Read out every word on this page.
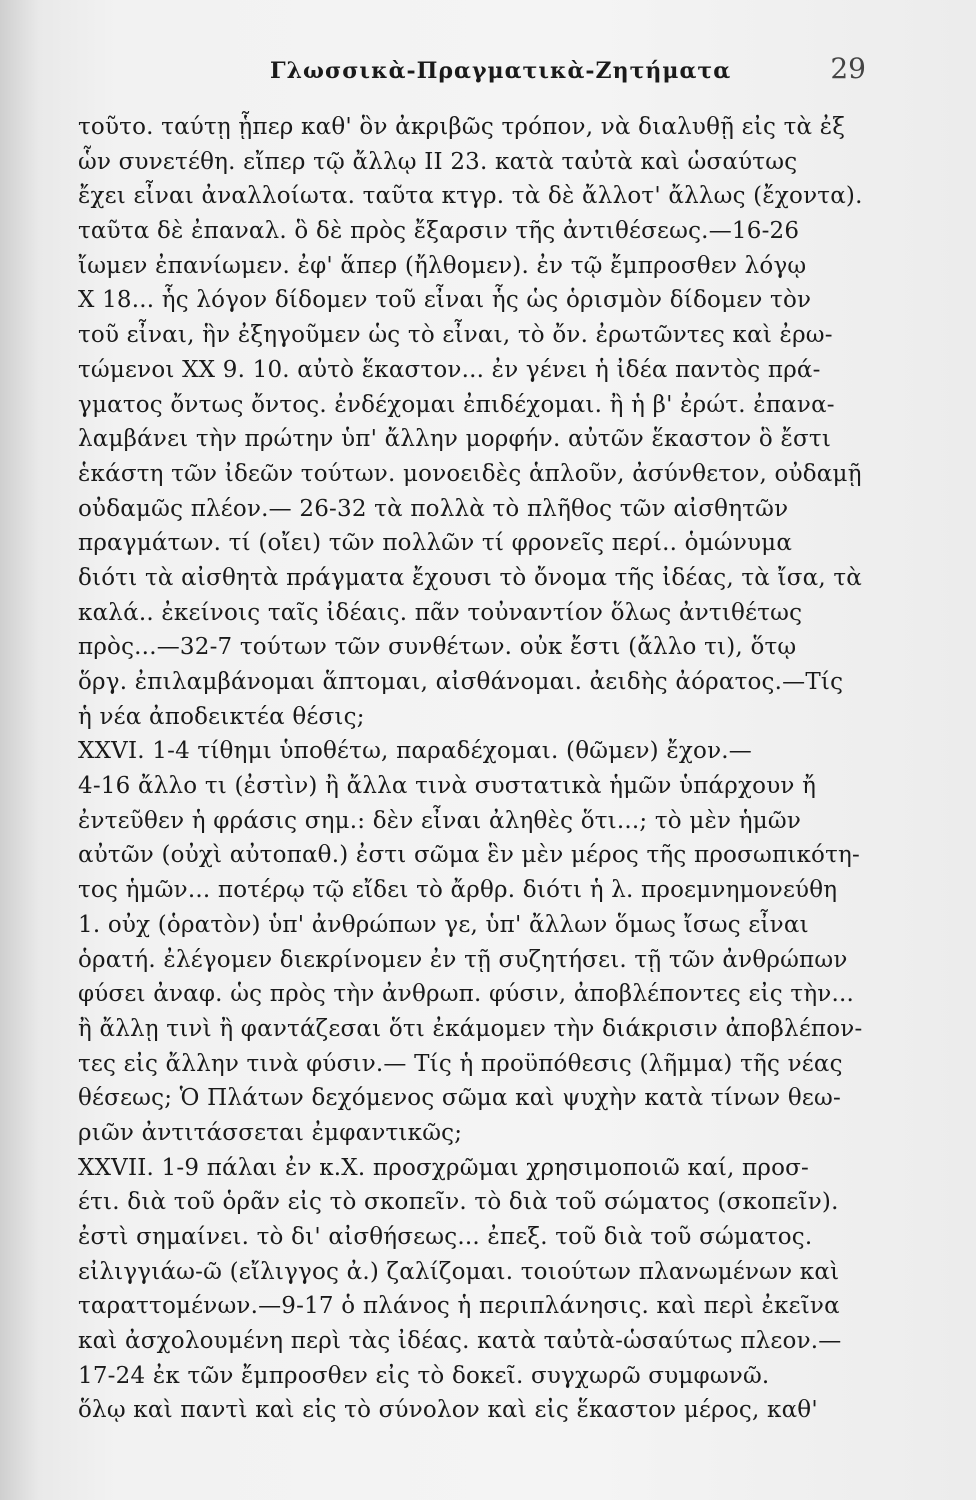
Γλωσσικὰ-Πραγματικὰ-Ζητήματα	29
τοῦτο. ταύτῃ ᾗπερ καθ' ὃν ἀκριβῶς τρόπον, νὰ διαλυθῇ εἰς τὰ ἐξ
ὧν συνετέθη. εἴπερ τῷ ἄλλῳ II 23. κατὰ ταὐτὰ καὶ ὡσαύτως
ἔχει εἶναι ἀναλλοίωτα. ταῦτα κτγρ. τὰ δὲ ἄλλοτ' ἄλλως (ἔχοντα).
ταῦτα δὲ ἐπαναλ. ὃ δὲ πρὸς ἔξαρσιν τῆς ἀντιθέσεως.—16-26
ἴωμεν ἐπανίωμεν. ἐφ' ἅπερ (ἤλθομεν). ἐν τῷ ἔμπροσθεν λόγῳ
X 18... ἧς λόγον δίδομεν τοῦ εἶναι ἧς ὡς ὁρισμὸν δίδομεν τὸν
τοῦ εἶναι, ἣν ἐξηγοῦμεν ὡς τὸ εἶναι, τὸ ὄν. ἐρωτῶντες καὶ ἐρω-
τώμενοι XX 9. 10. αὐτὸ ἕκαστον... ἐν γένει ἡ ἰδέα παντὸς πρά-
γματος ὄντως ὄντος. ἐνδέχομαι ἐπιδέχομαι. ἢ ἡ β' ἐρώτ. ἐπανα-
λαμβάνει τὴν πρώτην ὑπ' ἄλλην μορφήν. αὐτῶν ἕκαστον ὃ ἔστι
ἑκάστη τῶν ἰδεῶν τούτων. μονοειδὲς ἁπλοῦν, ἀσύνθετον, οὐδαμῇ
οὐδαμῶς πλέον.— 26-32 τὰ πολλὰ τὸ πλῆθος τῶν αἰσθητῶν
πραγμάτων. τί (οἴει) τῶν πολλῶν τί φρονεῖς περί.. ὁμώνυμα
διότι τὰ αἰσθητὰ πράγματα ἔχουσι τὸ ὄνομα τῆς ἰδέας, τὰ ἴσα, τὰ
καλά.. ἐκείνοις ταῖς ἰδέαις. πᾶν τοὐναντίον ὅλως ἀντιθέτως
πρὸς...—32-7 τούτων τῶν συνθέτων. οὐκ ἔστι (ἄλλο τι), ὅτῳ
ὅργ. ἐπιλαμβάνομαι ἅπτομαι, αἰσθάνομαι. ἀειδὴς ἀόρατος.—Τίς
ἡ νέα ἀποδεικτέα θέσις;
XXVI. 1-4 τίθημι ὑποθέτω, παραδέχομαι. (θῶμεν) ἔχον.—
4-16 ἄλλο τι (ἐστὶν) ἢ ἄλλα τινὰ συστατικὰ ἡμῶν ὑπάρχουν ἤ
ἐντεῦθεν ἡ φράσις σημ.: δὲν εἶναι ἀληθὲς ὅτι...; τὸ μὲν ἡμῶν
αὐτῶν (οὐχὶ αὐτοπαθ.) ἐστι σῶμα ἓν μὲν μέρος τῆς προσωπικότη-
τος ἡμῶν... ποτέρῳ τῷ εἴδει τὸ ἄρθρ. διότι ἡ λ. προεμνημονεύθη
1. οὐχ (ὁρατὸν) ὑπ' ἀνθρώπων γε, ὑπ' ἄλλων ὅμως ἴσως εἶναι
ὁρατή. ἐλέγομεν διεκρίνομεν ἐν τῇ συζητήσει. τῇ τῶν ἀνθρώπων
φύσει ἀναφ. ὡς πρὸς τὴν ἀνθρωπ. φύσιν, ἀποβλέποντες εἰς τὴν...
ἢ ἄλλῃ τινὶ ἢ φαντάζεσαι ὅτι ἐκάμομεν τὴν διάκρισιν ἀποβλέπον-
τες εἰς ἄλλην τινὰ φύσιν.— Τίς ἡ προϋπόθεσις (λῆμμα) τῆς νέας
θέσεως; Ὁ Πλάτων δεχόμενος σῶμα καὶ ψυχὴν κατὰ τίνων θεω-
ριῶν ἀντιτάσσεται ἐμφαντικῶς;
XXVII. 1-9 πάλαι ἐν κ.Χ. προσχρῶμαι χρησιμοποιῶ καί, προσ-
έτι. διὰ τοῦ ὁρᾶν εἰς τὸ σκοπεῖν. τὸ διὰ τοῦ σώματος (σκοπεῖν).
ἐστὶ σημαίνει. τὸ δι' αἰσθήσεως... ἐπεξ. τοῦ διὰ τοῦ σώματος.
εἰλιγγιάω-ῶ (εἴλιγγος ἀ.) ζαλίζομαι. τοιούτων πλανωμένων καὶ
ταραττομένων.—9-17 ὁ πλάνος ἡ περιπλάνησις. καὶ περὶ ἐκεῖνα
καὶ ἀσχολουμένη περὶ τὰς ἰδέας. κατὰ ταὐτὰ-ὡσαύτως πλεον.—
17-24 ἐκ τῶν ἔμπροσθεν εἰς τὸ δοκεῖ. συγχωρῶ συμφωνῶ.
ὅλῳ καὶ παντὶ καὶ εἰς τὸ σύνολον καὶ εἰς ἕκαστον μέρος, καθ'
